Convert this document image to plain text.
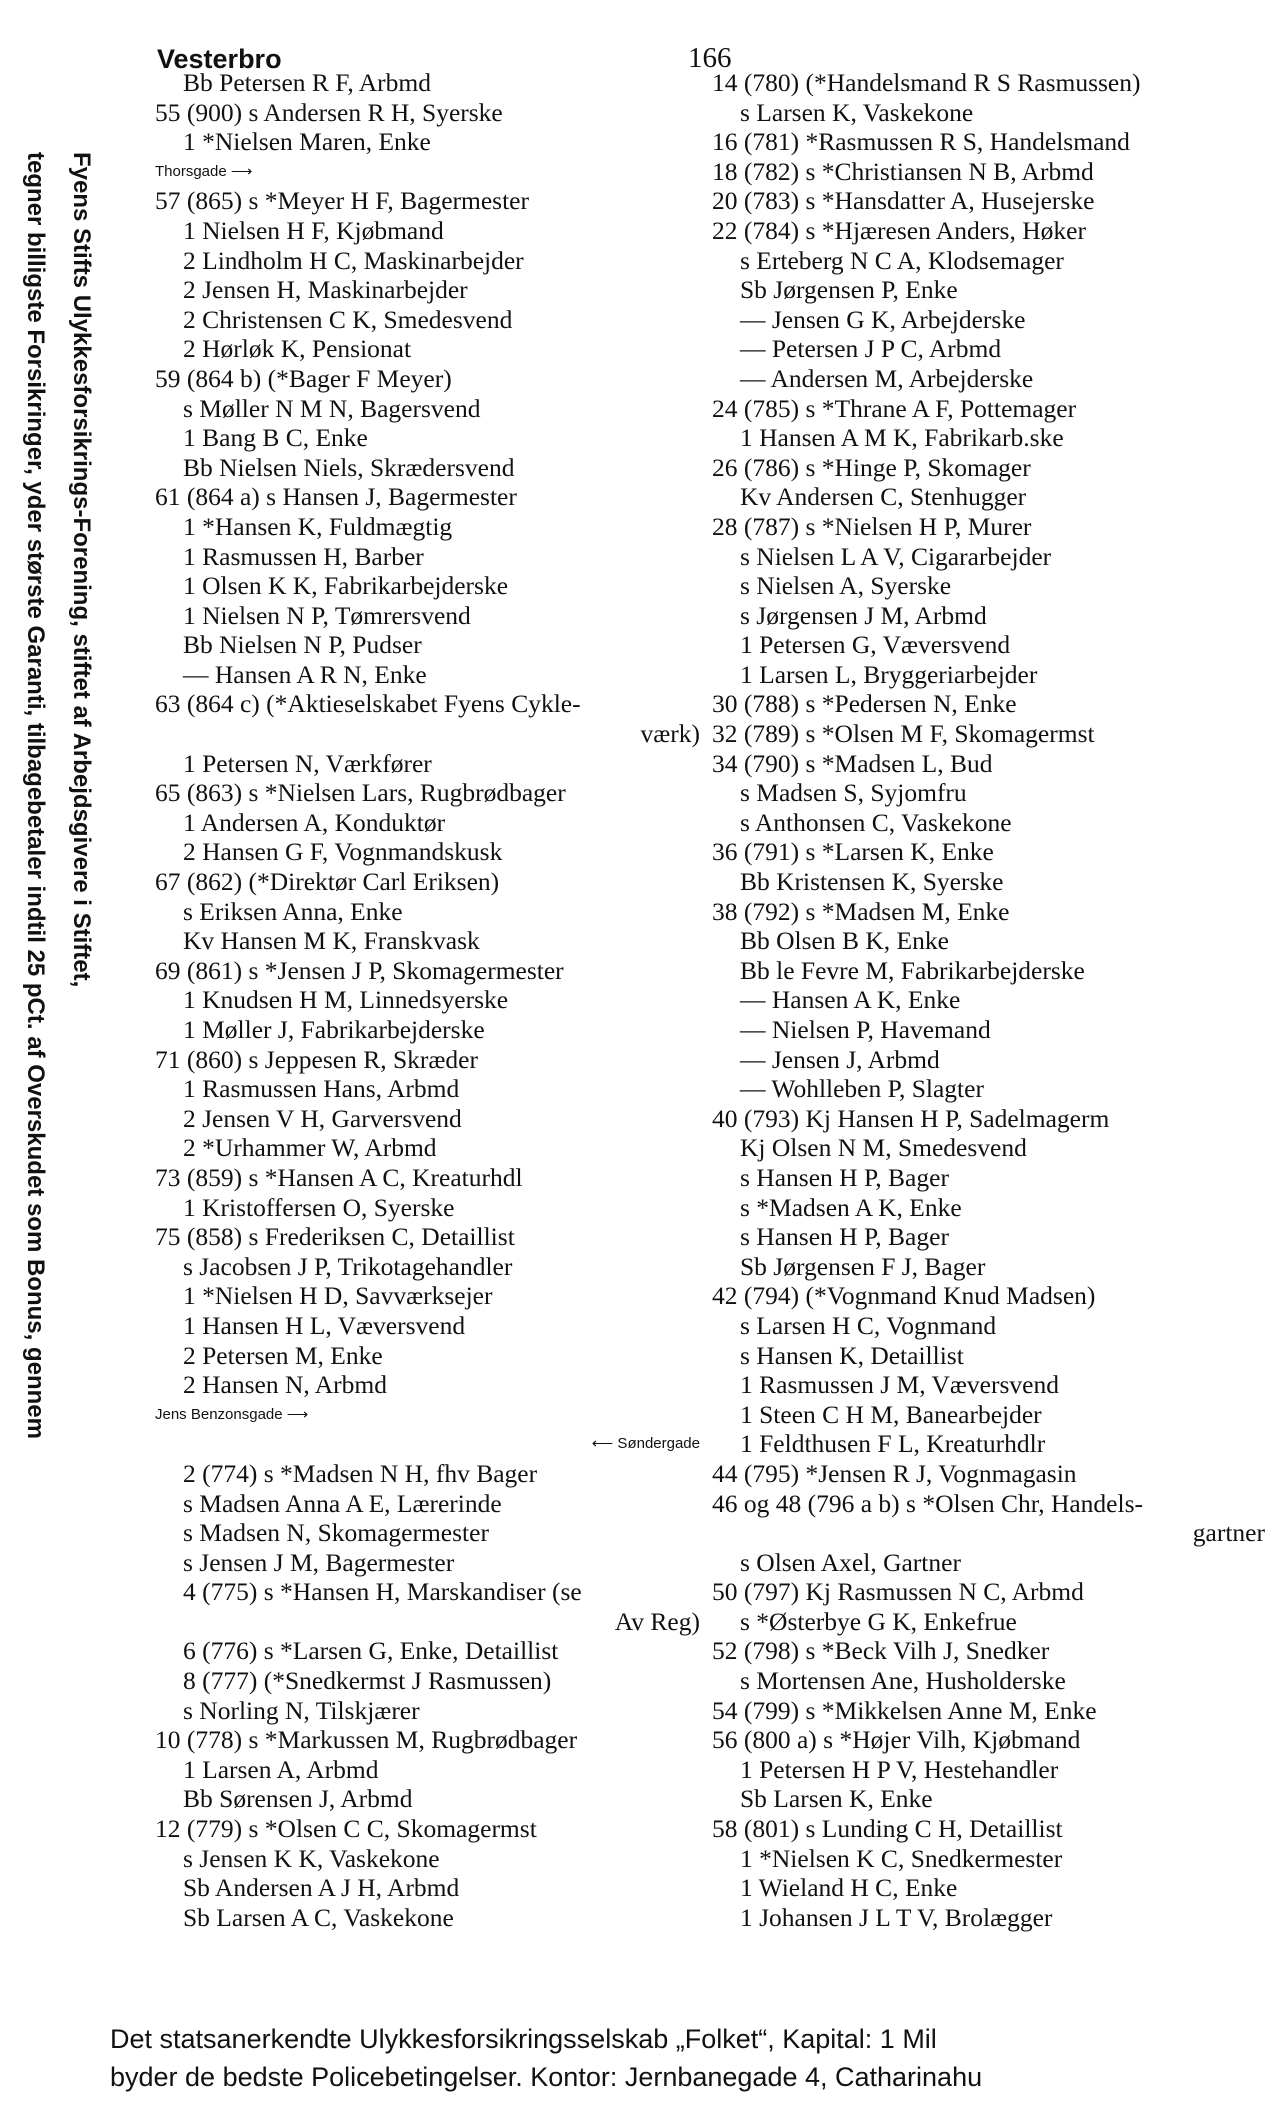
Vesterbro	166
Fyens Stifts Ulykkesforsikrings-Forening, stiftet af Arbejdsgivere i Stiftet,
tegner billigste Forsikringer, yder største Garanti, tilbagebetaler indtil 25 pCt. af Overskudet som Bonus, gennem
Bb Petersen R F, Arbmd
55 (900) s Andersen R H, Syerske
1 *Nielsen Maren, Enke
Thorsgade ⟶
57 (865) s *Meyer H F, Bagermester
1 Nielsen H F, Kjøbmand
2 Lindholm H C, Maskinarbejder
2 Jensen H, Maskinarbejder
2 Christensen C K, Smedesvend
2 Hørløk K, Pensionat
59 (864 b) (*Bager F Meyer)
s Møller N M N, Bagersvend
1 Bang B C, Enke
Bb Nielsen Niels, Skrædersvend
61 (864 a) s Hansen J, Bagermester
1 *Hansen K, Fuldmægtig
1 Rasmussen H, Barber
1 Olsen K K, Fabrikarbejderske
1 Nielsen N P, Tømrersvend
Bb Nielsen N P, Pudser
— Hansen A R N, Enke
63 (864 c) (*Aktieselskabet Fyens Cykle-
værk)
1 Petersen N, Værkfører
65 (863) s *Nielsen Lars, Rugbrødbager
1 Andersen A, Konduktør
2 Hansen G F, Vognmandskusk
67 (862) (*Direktør Carl Eriksen)
s Eriksen Anna, Enke
Kv Hansen M K, Franskvask
69 (861) s *Jensen J P, Skomagermester
1 Knudsen H M, Linnedsyerske
1 Møller J, Fabrikarbejderske
71 (860) s Jeppesen R, Skræder
1 Rasmussen Hans, Arbmd
2 Jensen V H, Garversvend
2 *Urhammer W, Arbmd
73 (859) s *Hansen A C, Kreaturhdl
1 Kristoffersen O, Syerske
75 (858) s Frederiksen C, Detaillist
s Jacobsen J P, Trikotagehandler
1 *Nielsen H D, Savværksejer
1 Hansen H L, Væversvend
2 Petersen M, Enke
2 Hansen N, Arbmd
Jens Benzonsgade ⟶
⟵ Søndergade
2 (774) s *Madsen N H, fhv Bager
s Madsen Anna A E, Lærerinde
s Madsen N, Skomagermester
s Jensen J M, Bagermester
4 (775) s *Hansen H, Marskandiser (se
Av Reg)
6 (776) s *Larsen G, Enke, Detaillist
8 (777) (*Snedkermst J Rasmussen)
s Norling N, Tilskjærer
10 (778) s *Markussen M, Rugbrødbager
1 Larsen A, Arbmd
Bb Sørensen J, Arbmd
12 (779) s *Olsen C C, Skomagermst
s Jensen K K, Vaskekone
Sb Andersen A J H, Arbmd
Sb Larsen A C, Vaskekone
14 (780) (*Handelsmand R S Rasmussen)
s Larsen K, Vaskekone
16 (781) *Rasmussen R S, Handelsmand
18 (782) s *Christiansen N B, Arbmd
20 (783) s *Hansdatter A, Husejerske
22 (784) s *Hjæresen Anders, Høker
s Erteberg N C A, Klodsemager
Sb Jørgensen P, Enke
— Jensen G K, Arbejderske
— Petersen J P C, Arbmd
— Andersen M, Arbejderske
24 (785) s *Thrane A F, Pottemager
1 Hansen A M K, Fabrikarb.ske
26 (786) s *Hinge P, Skomager
Kv Andersen C, Stenhugger
28 (787) s *Nielsen H P, Murer
s Nielsen L A V, Cigararbejder
s Nielsen A, Syerske
s Jørgensen J M, Arbmd
1 Petersen G, Væversvend
1 Larsen L, Bryggeriarbejder
30 (788) s *Pedersen N, Enke
32 (789) s *Olsen M F, Skomagermst
34 (790) s *Madsen L, Bud
s Madsen S, Syjomfru
s Anthonsen C, Vaskekone
36 (791) s *Larsen K, Enke
Bb Kristensen K, Syerske
38 (792) s *Madsen M, Enke
Bb Olsen B K, Enke
Bb le Fevre M, Fabrikarbejderske
— Hansen A K, Enke
— Nielsen P, Havemand
— Jensen J, Arbmd
— Wohlleben P, Slagter
40 (793) Kj Hansen H P, Sadelmagerm
Kj Olsen N M, Smedesvend
s Hansen H P, Bager
s *Madsen A K, Enke
s Hansen H P, Bager
Sb Jørgensen F J, Bager
42 (794) (*Vognmand Knud Madsen)
s Larsen H C, Vognmand
s Hansen K, Detaillist
1 Rasmussen J M, Væversvend
1 Steen C H M, Banearbejder
1 Feldthusen F L, Kreaturhdlr
44 (795) *Jensen R J, Vognmagasin
46 og 48 (796 a b) s *Olsen Chr, Handels-
gartner
s Olsen Axel, Gartner
50 (797) Kj Rasmussen N C, Arbmd
s *Østerbye G K, Enkefrue
52 (798) s *Beck Vilh J, Snedker
s Mortensen Ane, Husholderske
54 (799) s *Mikkelsen Anne M, Enke
56 (800 a) s *Højer Vilh, Kjøbmand
1 Petersen H P V, Hestehandler
Sb Larsen K, Enke
58 (801) s Lunding C H, Detaillist
1 *Nielsen K C, Snedkermester
1 Wieland H C, Enke
1 Johansen J L T V, Brolægger
Det statsanerkendte Ulykkesforsikringsselskab „Folket“, Kapital: 1 Mil
byder de bedste Policebetingelser. Kontor: Jernbanegade 4, Catharinahu
